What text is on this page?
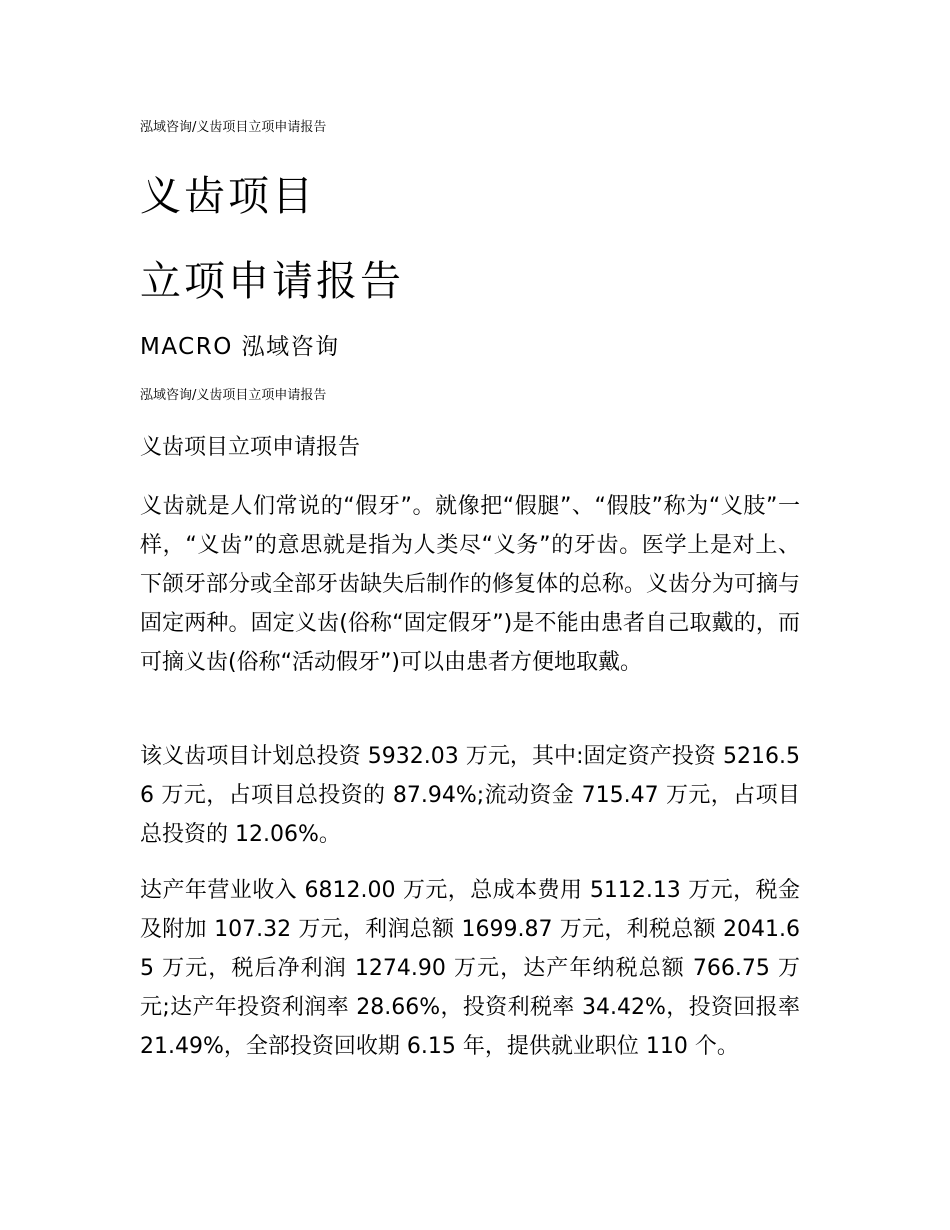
泓域咨询/义齿项目立项申请报告
义齿项目
立项申请报告
MACRO 泓域咨询
泓域咨询/义齿项目立项申请报告
义齿项目立项申请报告
义齿就是人们常说的“假牙”。就像把“假腿”、“假肢”称为“义肢”一样，“义齿”的意思就是指为人类尽“义务”的牙齿。医学上是对上、下颌牙部分或全部牙齿缺失后制作的修复体的总称。义齿分为可摘与固定两种。固定义齿(俗称“固定假牙”)是不能由患者自己取戴的，而可摘义齿(俗称“活动假牙”)可以由患者方便地取戴。
该义齿项目计划总投资 5932.03 万元，其中:固定资产投资 5216.56 万元，占项目总投资的 87.94%;流动资金 715.47 万元，占项目总投资的 12.06%。
达产年营业收入 6812.00 万元，总成本费用 5112.13 万元，税金及附加 107.32 万元，利润总额 1699.87 万元，利税总额 2041.65 万元，税后净利润 1274.90 万元，达产年纳税总额 766.75 万元;达产年投资利润率 28.66%，投资利税率 34.42%，投资回报率 21.49%，全部投资回收期 6.15 年，提供就业职位 110 个。
